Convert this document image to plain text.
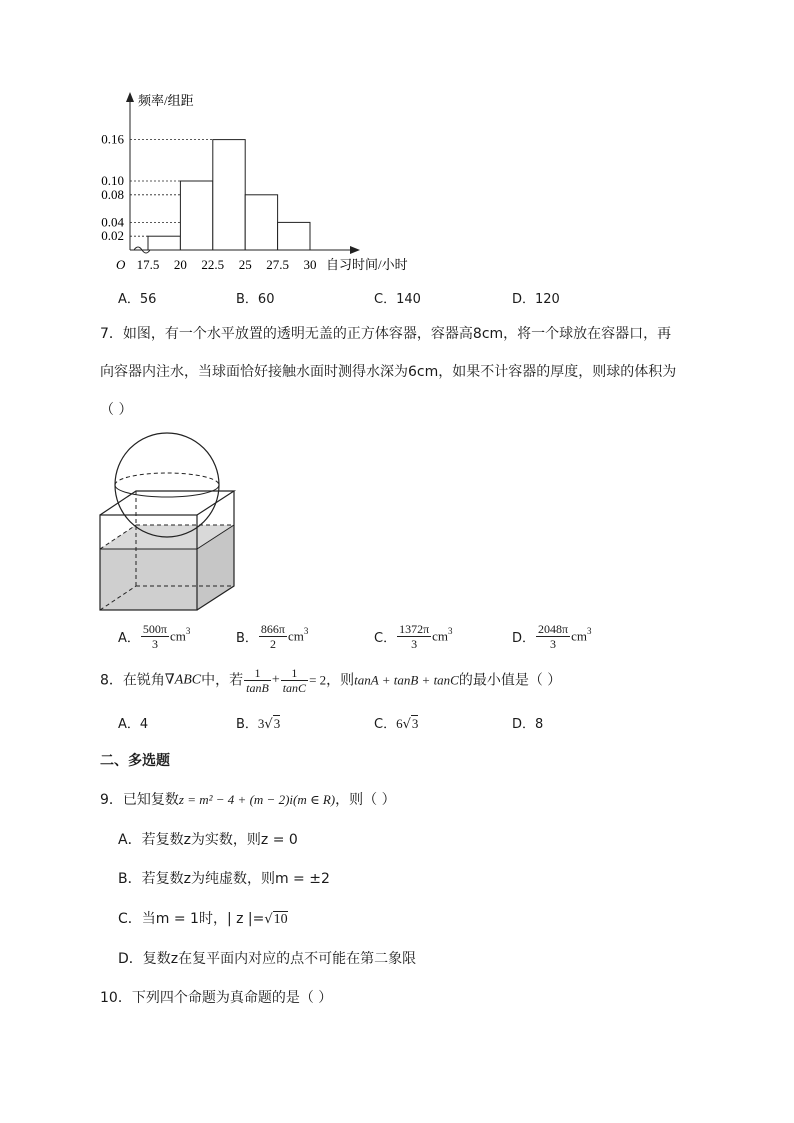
频率/组距
自习时间/小时
O
0.16
0.10
0.08
0.04
0.02
17.5 20 22.5 25 27.5 30
A．56	B．60	C．140	D．120
7．如图，有一个水平放置的透明无盖的正方体容器，容器高8cm，将一个球放在容器口，再
向容器内注水，当球面恰好接触水面时测得水深为6cm，如果不计容器的厚度，则球的体积为
（ ）
A． $\frac{500\pi}{3} cm^3$	B． $\frac{866\pi}{2} cm^3$	C． $\frac{1372\pi}{3} cm^3$	D． $\frac{2048\pi}{3} cm^3$
8．在锐角∇ABC中，若 $\frac{1}{\tan B} + \frac{1}{\tan C} = 2$，则tanA + tanB + tanC的最小值是（ ）
A．4	B．3√3	C．6√3	D．8
二、多选题
9．已知复数z = m² − 4 + (m − 2)i(m ∈ R)，则（ ）
A．若复数z为实数，则z = 0
B．若复数z为纯虚数，则m = ±2
C．当m = 1时，| z |=√10
D．复数z在复平面内对应的点不可能在第二象限
10．下列四个命题为真命题的是（ ）
